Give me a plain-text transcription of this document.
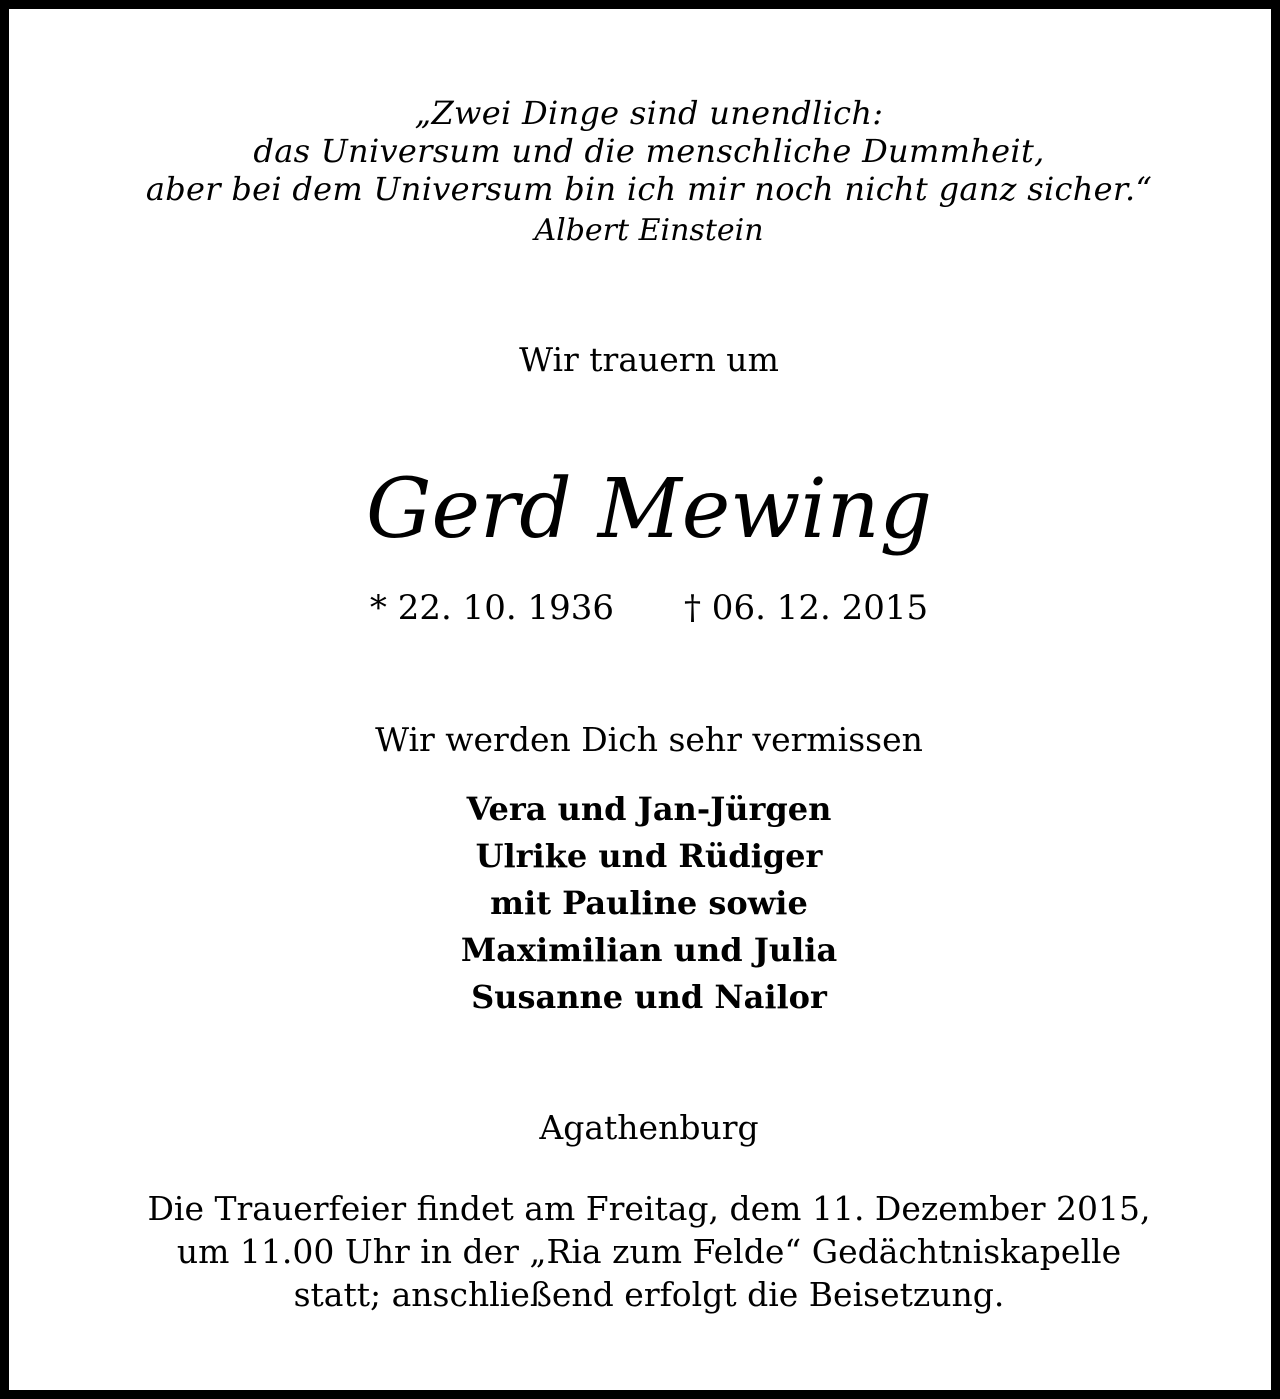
„Zwei Dinge sind unendlich:
das Universum und die menschliche Dummheit,
aber bei dem Universum bin ich mir noch nicht ganz sicher.“
Albert Einstein
Wir trauern um
Gerd Mewing
* 22. 10. 1936 † 06. 12. 2015
Wir werden Dich sehr vermissen
Vera und Jan-Jürgen
Ulrike und Rüdiger
mit Pauline sowie
Maximilian und Julia
Susanne und Nailor
Agathenburg
Die Trauerfeier findet am Freitag, dem 11. Dezember 2015,
um 11.00 Uhr in der „Ria zum Felde“ Gedächtniskapelle
statt; anschließend erfolgt die Beisetzung.
